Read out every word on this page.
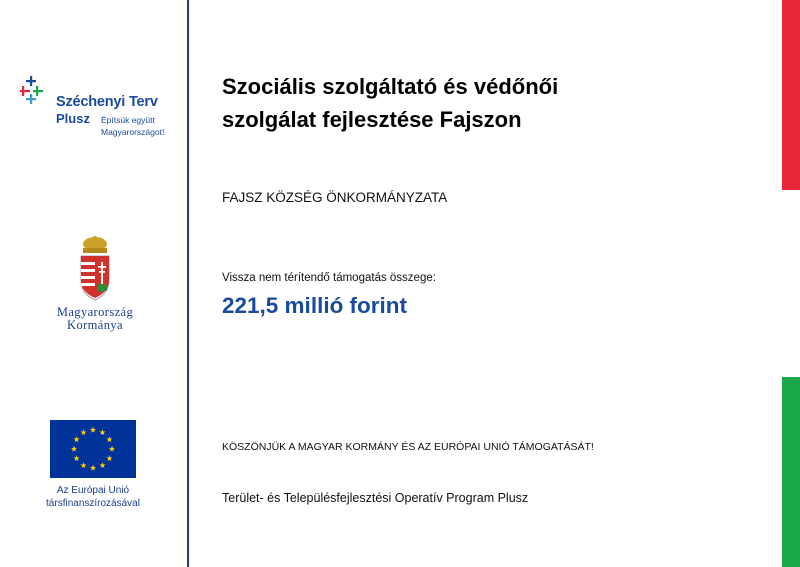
Széchenyi Terv
Plusz Építsük együtt
Magyarországot!
Magyarország
Kormánya
Az Európai Unió
társfinanszírozásával
Szociális szolgáltató és védőnői
szolgálat fejlesztése Fajszon
FAJSZ KÖZSÉG ÖNKORMÁNYZATA
Vissza nem térítendő támogatás összege:
221,5 millió forint
KÖSZÖNJÜK A MAGYAR KORMÁNY ÉS AZ EURÓPAI UNIÓ TÁMOGATÁSÁT!
Terület- és Településfejlesztési Operatív Program Plusz
